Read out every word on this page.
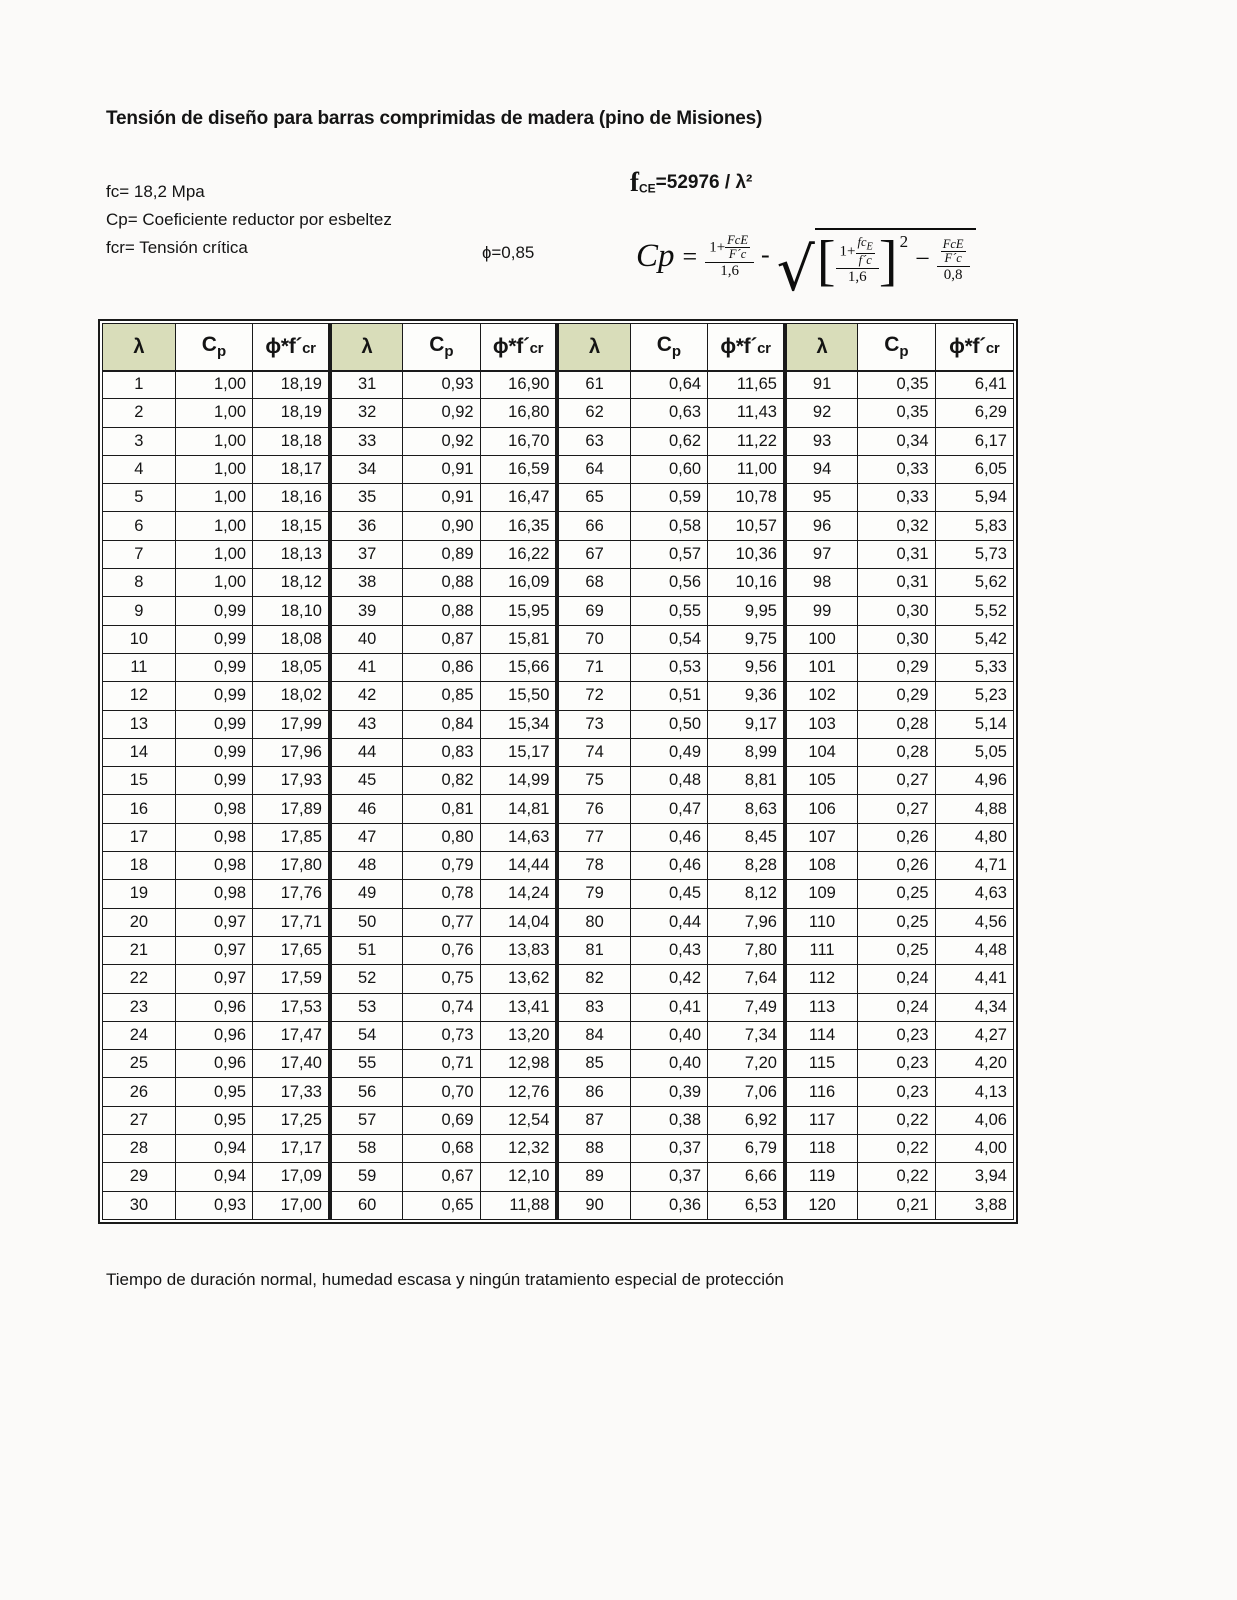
Tensión de diseño para barras comprimidas de madera (pino de Misiones)
fc= 18,2 Mpa
Cp= Coeficiente reductor por esbeltez
fcr= Tensión crítica	ɸ=0,85
$f_{CE}=52976 / \lambda^2$
$Cp = \frac{1+ \frac{\text{FcE}}{F´c}}{1,6}$ - √ [ $\frac{1+ \frac{fc_E}{f´c}}{1,6}$ ] 2
− $\frac{\frac{\text{FcE}}{F´c}}{0,8}$
λ	$C_p$	ɸ*f´cr	λ	$C_p$	ɸ*f´cr	λ	$C_p$	ɸ*f´cr	λ	$C_p$	ɸ*f´cr
1	1,00	18,19	31	0,93	16,90	61	0,64	11,65	91	0,35	6,41
2	1,00	18,19	32	0,92	16,80	62	0,63	11,43	92	0,35	6,29
3	1,00	18,18	33	0,92	16,70	63	0,62	11,22	93	0,34	6,17
4	1,00	18,17	34	0,91	16,59	64	0,60	11,00	94	0,33	6,05
5	1,00	18,16	35	0,91	16,47	65	0,59	10,78	95	0,33	5,94
6	1,00	18,15	36	0,90	16,35	66	0,58	10,57	96	0,32	5,83
7	1,00	18,13	37	0,89	16,22	67	0,57	10,36	97	0,31	5,73
8	1,00	18,12	38	0,88	16,09	68	0,56	10,16	98	0,31	5,62
9	0,99	18,10	39	0,88	15,95	69	0,55	9,95	99	0,30	5,52
10	0,99	18,08	40	0,87	15,81	70	0,54	9,75	100	0,30	5,42
11	0,99	18,05	41	0,86	15,66	71	0,53	9,56	101	0,29	5,33
12	0,99	18,02	42	0,85	15,50	72	0,51	9,36	102	0,29	5,23
13	0,99	17,99	43	0,84	15,34	73	0,50	9,17	103	0,28	5,14
14	0,99	17,96	44	0,83	15,17	74	0,49	8,99	104	0,28	5,05
15	0,99	17,93	45	0,82	14,99	75	0,48	8,81	105	0,27	4,96
16	0,98	17,89	46	0,81	14,81	76	0,47	8,63	106	0,27	4,88
17	0,98	17,85	47	0,80	14,63	77	0,46	8,45	107	0,26	4,80
18	0,98	17,80	48	0,79	14,44	78	0,46	8,28	108	0,26	4,71
19	0,98	17,76	49	0,78	14,24	79	0,45	8,12	109	0,25	4,63
20	0,97	17,71	50	0,77	14,04	80	0,44	7,96	110	0,25	4,56
21	0,97	17,65	51	0,76	13,83	81	0,43	7,80	111	0,25	4,48
22	0,97	17,59	52	0,75	13,62	82	0,42	7,64	112	0,24	4,41
23	0,96	17,53	53	0,74	13,41	83	0,41	7,49	113	0,24	4,34
24	0,96	17,47	54	0,73	13,20	84	0,40	7,34	114	0,23	4,27
25	0,96	17,40	55	0,71	12,98	85	0,40	7,20	115	0,23	4,20
26	0,95	17,33	56	0,70	12,76	86	0,39	7,06	116	0,23	4,13
27	0,95	17,25	57	0,69	12,54	87	0,38	6,92	117	0,22	4,06
28	0,94	17,17	58	0,68	12,32	88	0,37	6,79	118	0,22	4,00
29	0,94	17,09	59	0,67	12,10	89	0,37	6,66	119	0,22	3,94
30	0,93	17,00	60	0,65	11,88	90	0,36	6,53	120	0,21	3,88
Tiempo de duración normal, humedad escasa y ningún tratamiento especial de protección
